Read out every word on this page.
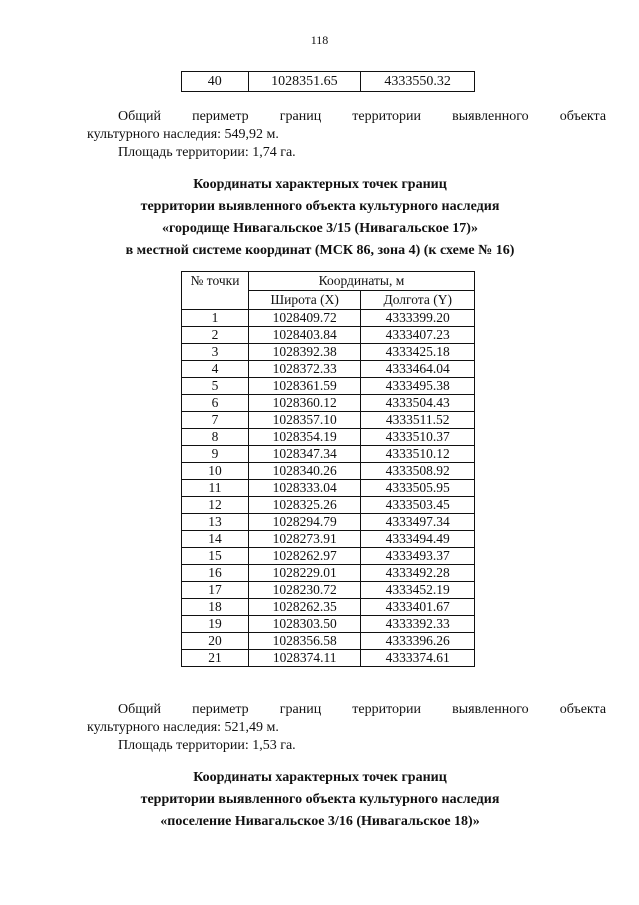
118
40	1028351.65	4333550.32
Общий периметр границ территории выявленного объекта
культурного наследия: 549,92 м.
Площадь территории: 1,74 га.
Координаты характерных точек границ
территории выявленного объекта культурного наследия
«городище Нивагальское 3/15 (Нивагальское 17)»
в местной системе координат (МСК 86, зона 4) (к схеме № 16)
№ точки	Координаты, м	
	Широта (X)	Долгота (Y)
1	1028409.72	4333399.20
2	1028403.84	4333407.23
3	1028392.38	4333425.18
4	1028372.33	4333464.04
5	1028361.59	4333495.38
6	1028360.12	4333504.43
7	1028357.10	4333511.52
8	1028354.19	4333510.37
9	1028347.34	4333510.12
10	1028340.26	4333508.92
11	1028333.04	4333505.95
12	1028325.26	4333503.45
13	1028294.79	4333497.34
14	1028273.91	4333494.49
15	1028262.97	4333493.37
16	1028229.01	4333492.28
17	1028230.72	4333452.19
18	1028262.35	4333401.67
19	1028303.50	4333392.33
20	1028356.58	4333396.26
21	1028374.11	4333374.61
Общий периметр границ территории выявленного объекта
культурного наследия: 521,49 м.
Площадь территории: 1,53 га.
Координаты характерных точек границ
территории выявленного объекта культурного наследия
«поселение Нивагальское 3/16 (Нивагальское 18)»
